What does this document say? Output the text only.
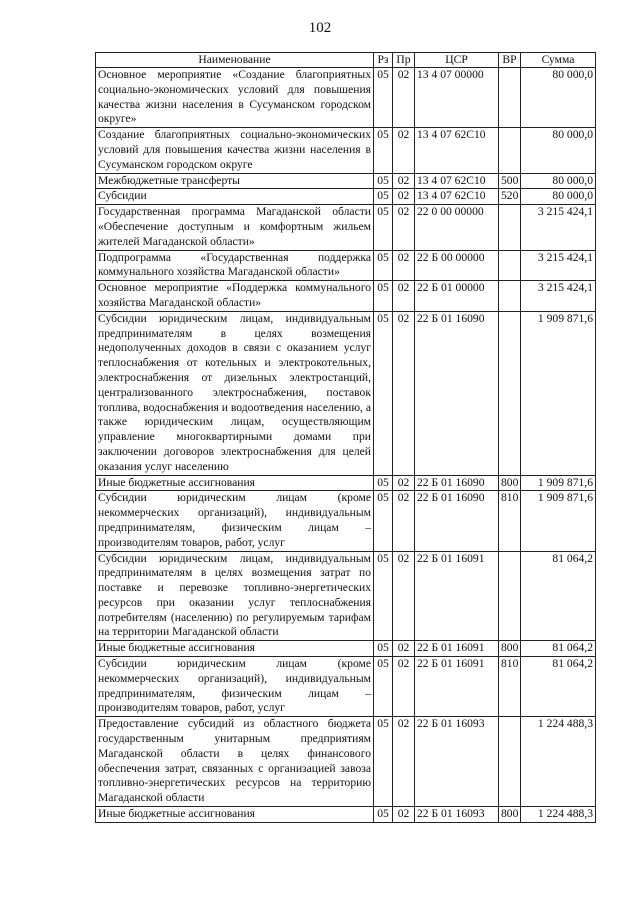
102
Наименование	Рз	Пр	ЦСР	ВР	Сумма
Основное мероприятие «Создание благоприятных социально-экономических условий для повышения качества жизни населения в Сусуманском городском округе»	05	02	13 4 07 00000		80 000,0
Создание благоприятных социально-экономических условий для повышения качества жизни населения в Сусуманском городском округе	05	02	13 4 07 62C10		80 000,0
Межбюджетные трансферты	05	02	13 4 07 62C10	500	80 000,0
Субсидии	05	02	13 4 07 62C10	520	80 000,0
Государственная программа Магаданской области «Обеспечение доступным и комфортным жильем жителей Магаданской области»	05	02	22 0 00 00000		3 215 424,1
Подпрограмма «Государственная поддержка коммунального хозяйства Магаданской области»	05	02	22 Б 00 00000		3 215 424,1
Основное мероприятие «Поддержка коммунального хозяйства Магаданской области»	05	02	22 Б 01 00000		3 215 424,1
Субсидии юридическим лицам, индивидуальным предпринимателям в целях возмещения недополученных доходов в связи с оказанием услуг теплоснабжения от котельных и электрокотельных, электроснабжения от дизельных электростанций, централизованного электроснабжения, поставок топлива, водоснабжения и водоотведения населению, а также юридическим лицам, осуществляющим управление многоквартирными домами при заключении договоров электроснабжения для целей оказания услуг населению	05	02	22 Б 01 16090		1 909 871,6
Иные бюджетные ассигнования	05	02	22 Б 01 16090	800	1 909 871,6
Субсидии юридическим лицам (кроме некоммерческих организаций), индивидуальным предпринимателям, физическим лицам – производителям товаров, работ, услуг	05	02	22 Б 01 16090	810	1 909 871,6
Субсидии юридическим лицам, индивидуальным предпринимателям в целях возмещения затрат по поставке и перевозке топливно-энергетических ресурсов при оказании услуг теплоснабжения потребителям (населению) по регулируемым тарифам на территории Магаданской области	05	02	22 Б 01 16091		81 064,2
Иные бюджетные ассигнования	05	02	22 Б 01 16091	800	81 064,2
Субсидии юридическим лицам (кроме некоммерческих организаций), индивидуальным предпринимателям, физическим лицам – производителям товаров, работ, услуг	05	02	22 Б 01 16091	810	81 064,2
Предоставление субсидий из областного бюджета государственным унитарным предприятиям Магаданской области в целях финансового обеспечения затрат, связанных с организацией завоза топливно-энергетических ресурсов на территорию Магаданской области	05	02	22 Б 01 16093		1 224 488,3
Иные бюджетные ассигнования	05	02	22 Б 01 16093	800	1 224 488,3
